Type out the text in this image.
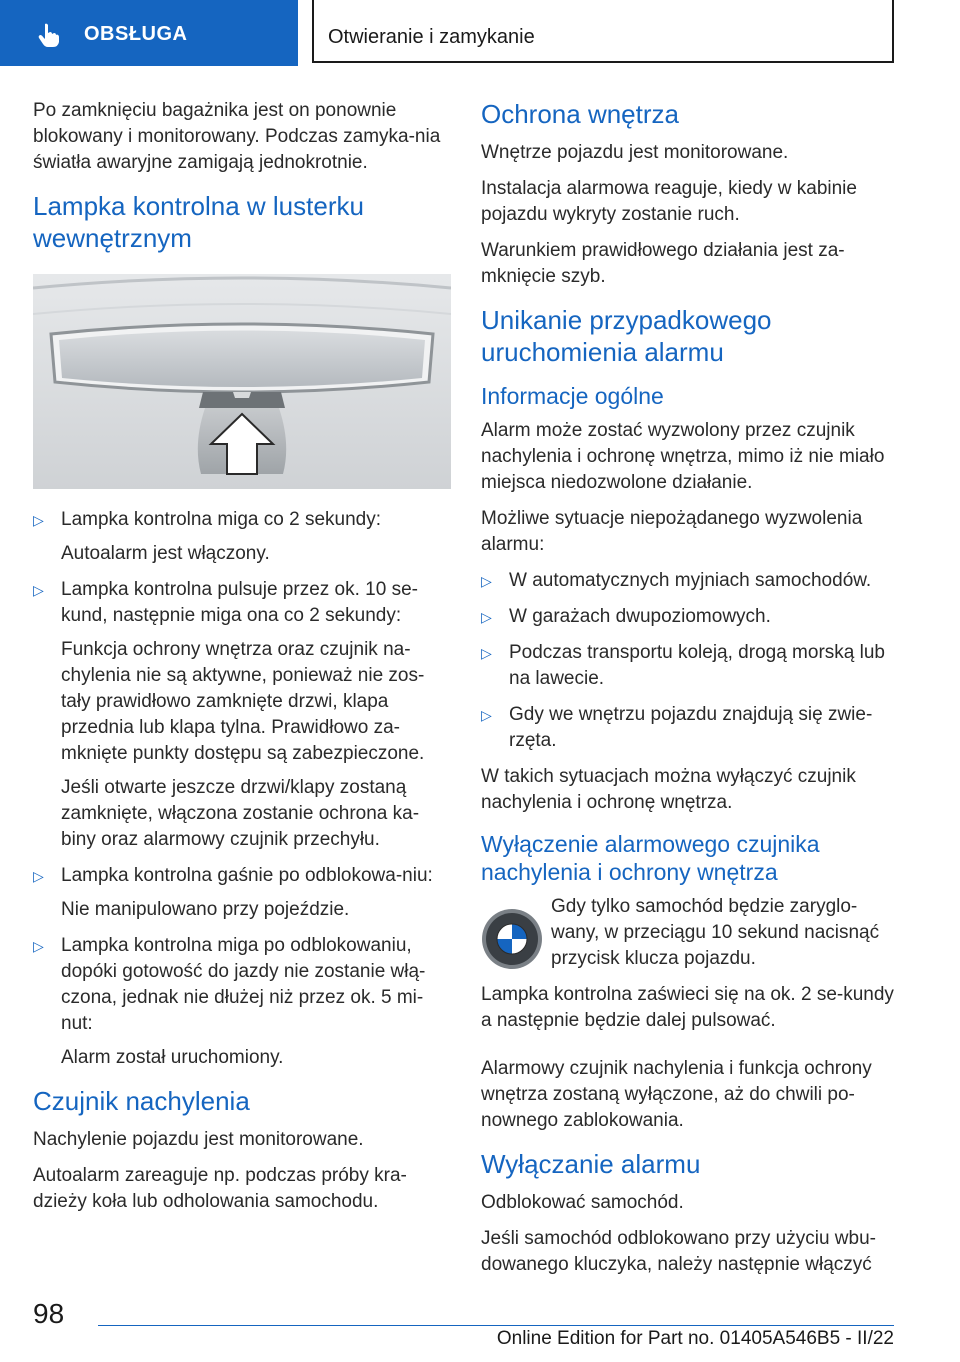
OBSŁUGA	Otwieranie i zamykanie

Po zamknięciu bagażnika jest on ponownie blokowany i monitorowany. Podczas zamyka-nia światła awaryjne zamigają jednokrotnie.

Lampka kontrolna w lusterku wewnętrznym
▷ Lampka kontrolna miga co 2 sekundy:
Autoalarm jest włączony.
▷ Lampka kontrolna pulsuje przez ok. 10 se-kund, następnie miga ona co 2 sekundy:
Funkcja ochrony wnętrza oraz czujnik na-chylenia nie są aktywne, ponieważ nie zos-tały prawidłowo zamknięte drzwi, klapa przednia lub klapa tylna. Prawidłowo za-mknięte punkty dostępu są zabezpieczone.
Jeśli otwarte jeszcze drzwi/klapy zostaną zamknięte, włączona zostanie ochrona ka-biny oraz alarmowy czujnik przechyłu.
▷ Lampka kontrolna gaśnie po odblokowa-niu:
Nie manipulowano przy pojeździe.
▷ Lampka kontrolna miga po odblokowaniu, dopóki gotowość do jazdy nie zostanie włą-czona, jednak nie dłużej niż przez ok. 5 mi-nut:
Alarm został uruchomiony.
Czujnik nachylenia

Nachylenie pojazdu jest monitorowane.

Autoalarm zareaguje np. podczas próby kra-dzieży koła lub odholowania samochodu.

Ochrona wnętrza

Wnętrze pojazdu jest monitorowane.

Instalacja alarmowa reaguje, kiedy w kabinie pojazdu wykryty zostanie ruch.

Warunkiem prawidłowego działania jest za-mknięcie szyb.

Unikanie przypadkowego uruchomienia alarmu
Informacje ogólne

Alarm może zostać wyzwolony przez czujnik nachylenia i ochronę wnętrza, mimo iż nie miało miejsca niedozwolone działanie.

Możliwe sytuacje niepożądanego wyzwolenia alarmu:

▷ W automatycznych myjniach samochodów.
▷ W garażach dwupoziomowych.
▷ Podczas transportu koleją, drogą morską lub na lawecie.
▷ Gdy we wnętrzu pojazdu znajdują się zwie-rzęta.

W takich sytuacjach można wyłączyć czujnik nachylenia i ochronę wnętrza.

Wyłączenie alarmowego czujnika nachylenia i ochrony wnętrza

Gdy tylko samochód będzie zaryglo-wany, w przeciągu 10 sekund nacisnąć przycisk klucza pojazdu.

Lampka kontrolna zaświeci się na ok. 2 se-kundy a następnie będzie dalej pulsować.

Alarmowy czujnik nachylenia i funkcja ochrony wnętrza zostaną wyłączone, aż do chwili po-nownego zablokowania.

Wyłączanie alarmu

Odblokować samochód.

Jeśli samochód odblokowano przy użyciu wbu-dowanego kluczyka, należy następnie włączyć

98
Online Edition for Part no. 01405A546B5 - II/22
